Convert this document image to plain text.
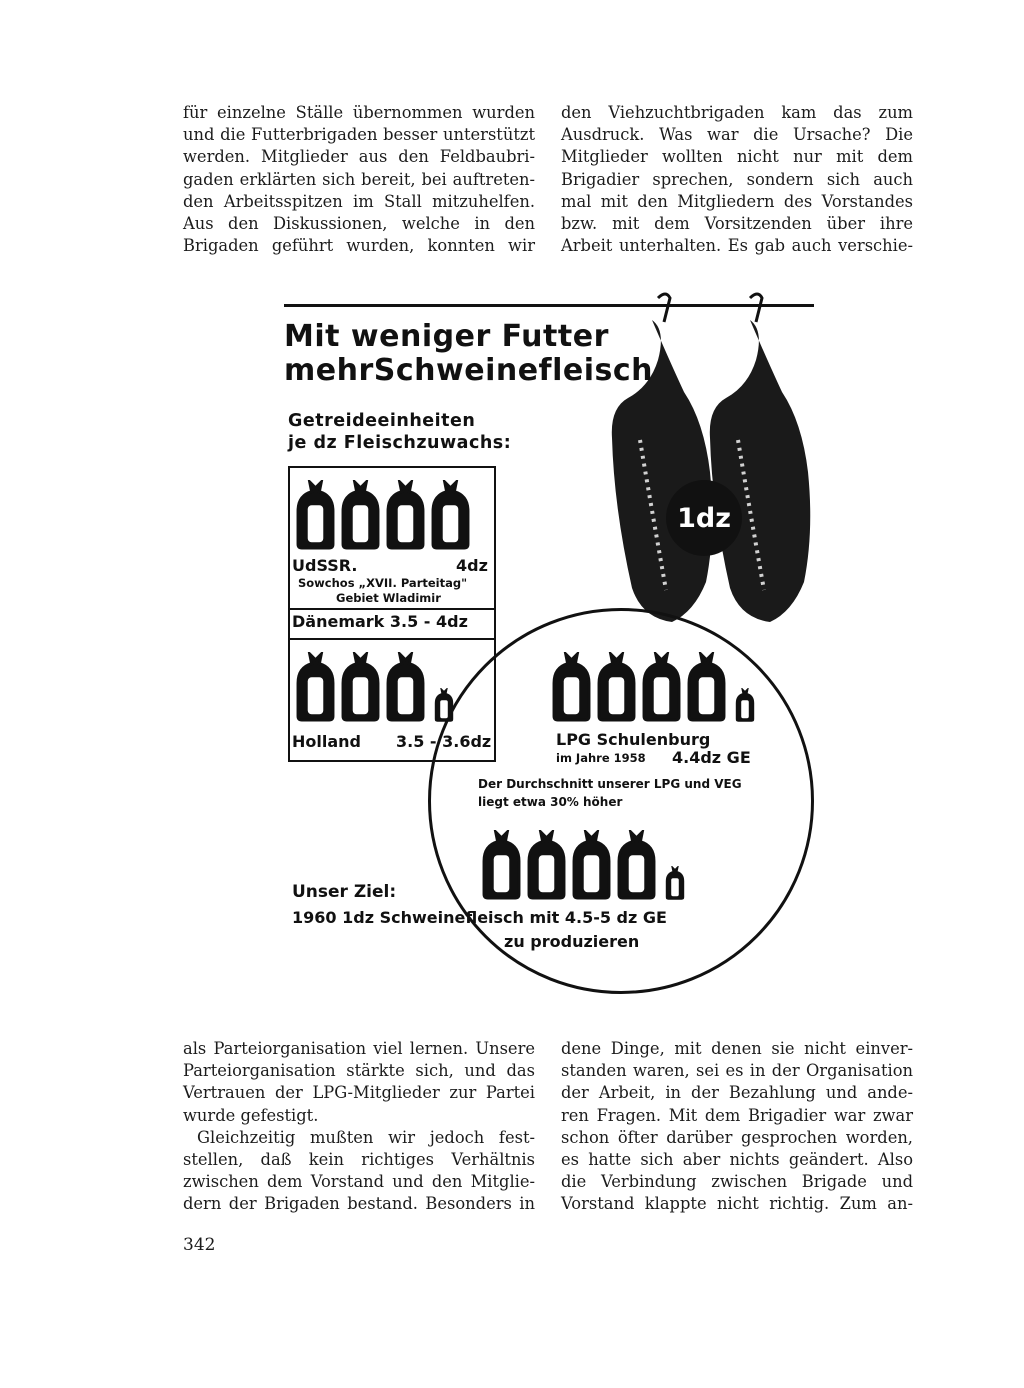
für einzelne Ställe übernommen wurden
und die Futterbrigaden besser unterstützt
werden. Mitglieder aus den Feldbaubri-
gaden erklärten sich bereit, bei auftreten-
den Arbeitsspitzen im Stall mitzuhelfen.
Aus den Diskussionen, welche in den
Brigaden geführt wurden, konnten wir
den Viehzuchtbrigaden kam das zum
Ausdruck. Was war die Ursache? Die
Mitglieder wollten nicht nur mit dem
Brigadier sprechen, sondern sich auch
mal mit den Mitgliedern des Vorstandes
bzw. mit dem Vorsitzenden über ihre
Arbeit unterhalten. Es gab auch verschie-
1dz
Mit weniger Futter
mehrSchweinefleisch
Getreideeinheiten
je dz Fleischzuwachs:
UdSSR.	4dz
Sowchos „XVII. Parteitag"
Gebiet Wladimir
Dänemark 3.5 - 4dz
Holland 3.5 - 3.6dz	LPG Schulenburg
im Jahre 1958 4.4dz GE
Der Durchschnitt unserer LPG und VEG
liegt etwa 30% höher
Unser Ziel:
1960 1dz Schweinefleisch mit 4.5-5 dz GE
zu produzieren
als Parteiorganisation viel lernen. Unsere
Parteiorganisation stärkte sich, und das
Vertrauen der LPG-Mitglieder zur Partei
wurde gefestigt.
Gleichzeitig mußten wir jedoch fest-
stellen, daß kein richtiges Verhältnis
zwischen dem Vorstand und den Mitglie-
dern der Brigaden bestand. Besonders in
dene Dinge, mit denen sie nicht einver-
standen waren, sei es in der Organisation
der Arbeit, in der Bezahlung und ande-
ren Fragen. Mit dem Brigadier war zwar
schon öfter darüber gesprochen worden,
es hatte sich aber nichts geändert. Also
die Verbindung zwischen Brigade und
Vorstand klappte nicht richtig. Zum an-
342
